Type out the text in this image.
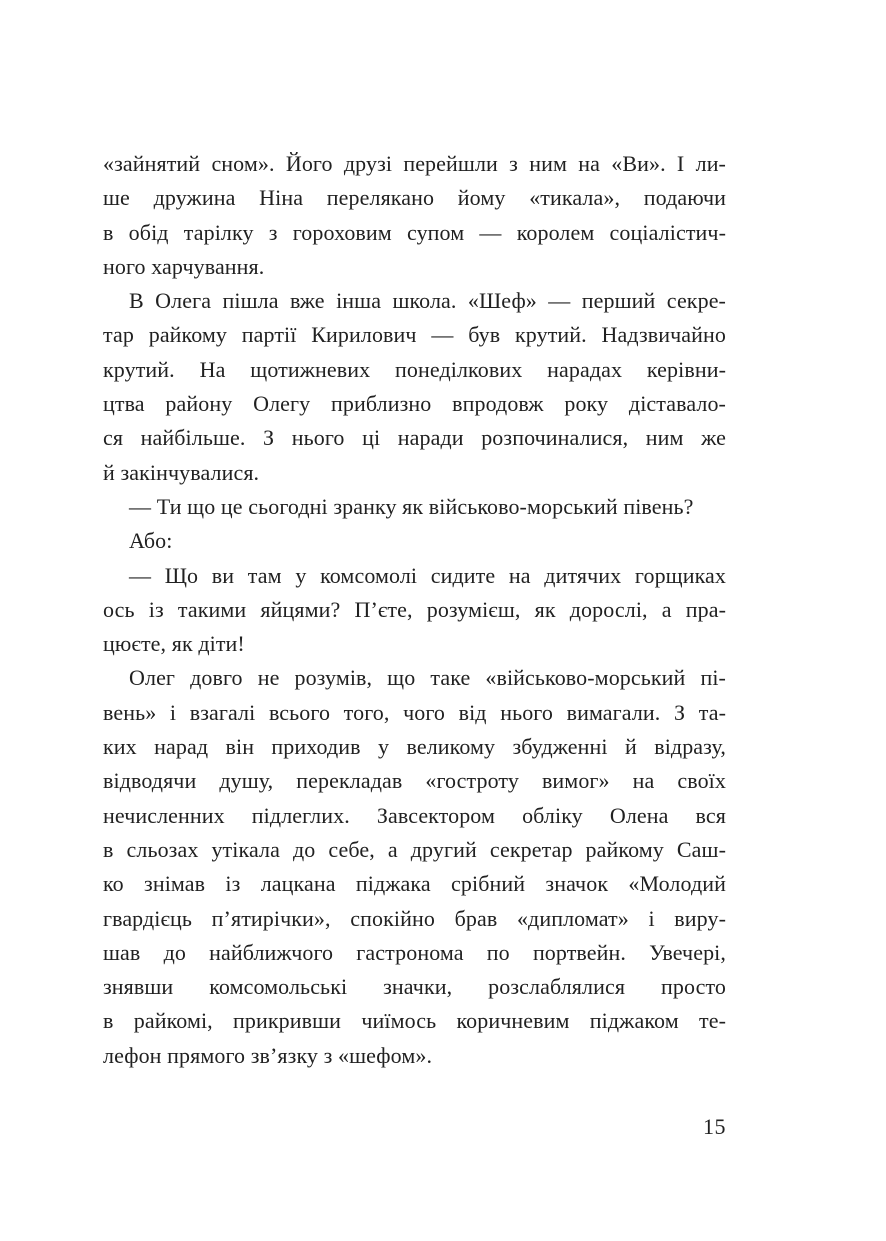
«зайнятий сном». Його друзі перейшли з ним на «Ви». І ли-
ше дружина Ніна перелякано йому «тикала», подаючи
в обід тарілку з гороховим супом — королем соціалістич-
ного харчування.
В Олега пішла вже інша школа. «Шеф» — перший секре-
тар райкому партії Кирилович — був крутий. Надзвичайно
крутий. На щотижневих понеділкових нарадах керівни-
цтва району Олегу приблизно впродовж року діставало-
ся найбільше. З нього ці наради розпочиналися, ним же
й закінчувалися.
— Ти що це сьогодні зранку як військово-морський півень?
Або:
— Що ви там у комсомолі сидите на дитячих горщиках
ось із такими яйцями? П’єте, розумієш, як дорослі, а пра-
цюєте, як діти!
Олег довго не розумів, що таке «військово-морський пі-
вень» і взагалі всього того, чого від нього вимагали. З та-
ких нарад він приходив у великому збудженні й відразу,
відводячи душу, перекладав «гостроту вимог» на своїх
нечисленних підлеглих. Завсектором обліку Олена вся
в сльозах утікала до себе, а другий секретар райкому Саш-
ко знімав із лацкана піджака срібний значок «Молодий
гвардієць п’ятирічки», спокійно брав «дипломат» і виру-
шав до найближчого гастронома по портвейн. Увечері,
знявши комсомольські значки, розслаблялися просто
в райкомі, прикривши чиїмось коричневим піджаком те-
лефон прямого зв’язку з «шефом».
15
